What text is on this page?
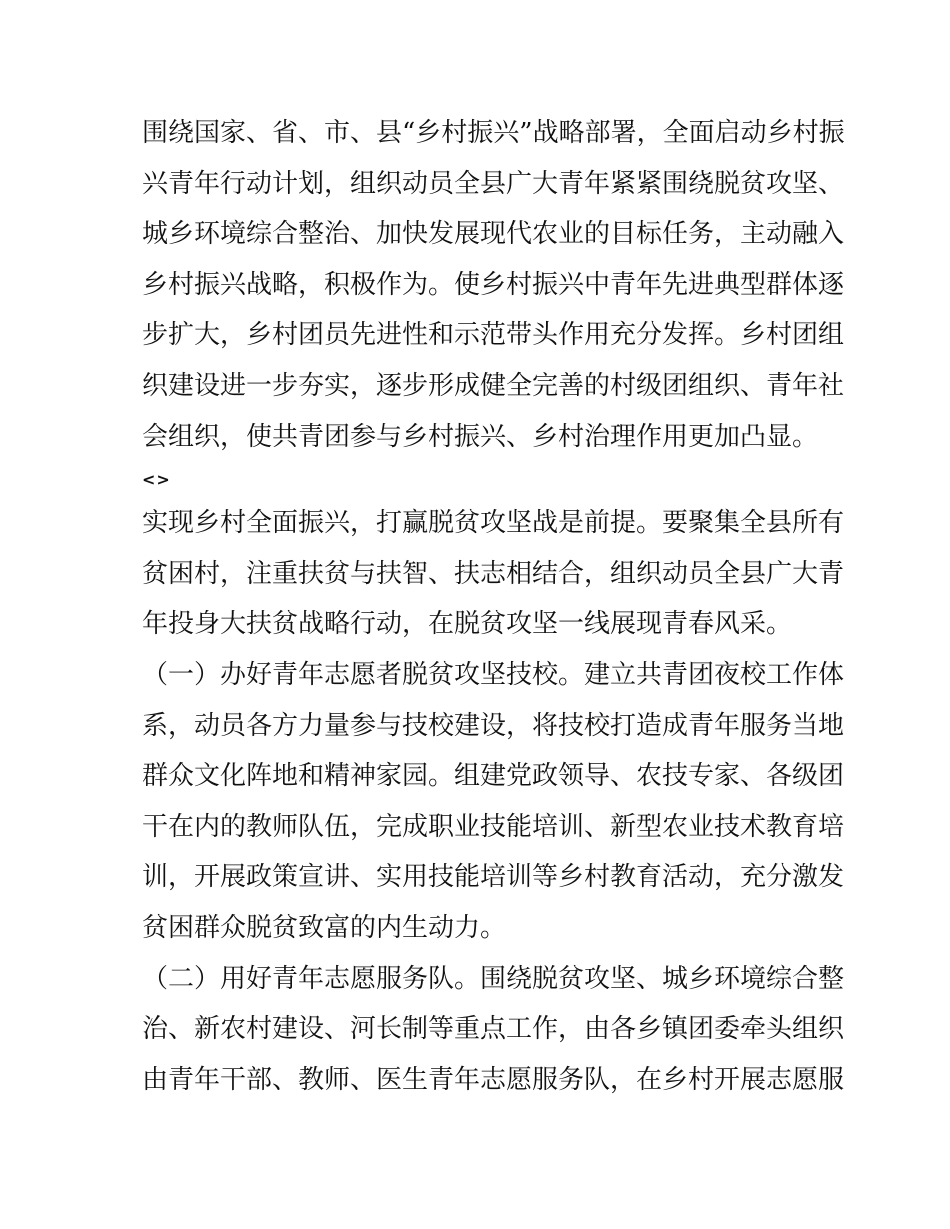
围绕国家、省、市、县“乡村振兴”战略部署，全面启动乡村振
兴青年行动计划，组织动员全县广大青年紧紧围绕脱贫攻坚、
城乡环境综合整治、加快发展现代农业的目标任务，主动融入
乡村振兴战略，积极作为。使乡村振兴中青年先进典型群体逐
步扩大，乡村团员先进性和示范带头作用充分发挥。乡村团组
织建设进一步夯实，逐步形成健全完善的村级团组织、青年社
会组织，使共青团参与乡村振兴、乡村治理作用更加凸显。
<>
实现乡村全面振兴，打赢脱贫攻坚战是前提。要聚集全县所有
贫困村，注重扶贫与扶智、扶志相结合，组织动员全县广大青
年投身大扶贫战略行动，在脱贫攻坚一线展现青春风采。
（一）办好青年志愿者脱贫攻坚技校。建立共青团夜校工作体
系，动员各方力量参与技校建设，将技校打造成青年服务当地
群众文化阵地和精神家园。组建党政领导、农技专家、各级团
干在内的教师队伍，完成职业技能培训、新型农业技术教育培
训，开展政策宣讲、实用技能培训等乡村教育活动，充分激发
贫困群众脱贫致富的内生动力。
（二）用好青年志愿服务队。围绕脱贫攻坚、城乡环境综合整
治、新农村建设、河长制等重点工作，由各乡镇团委牵头组织
由青年干部、教师、医生青年志愿服务队，在乡村开展志愿服
